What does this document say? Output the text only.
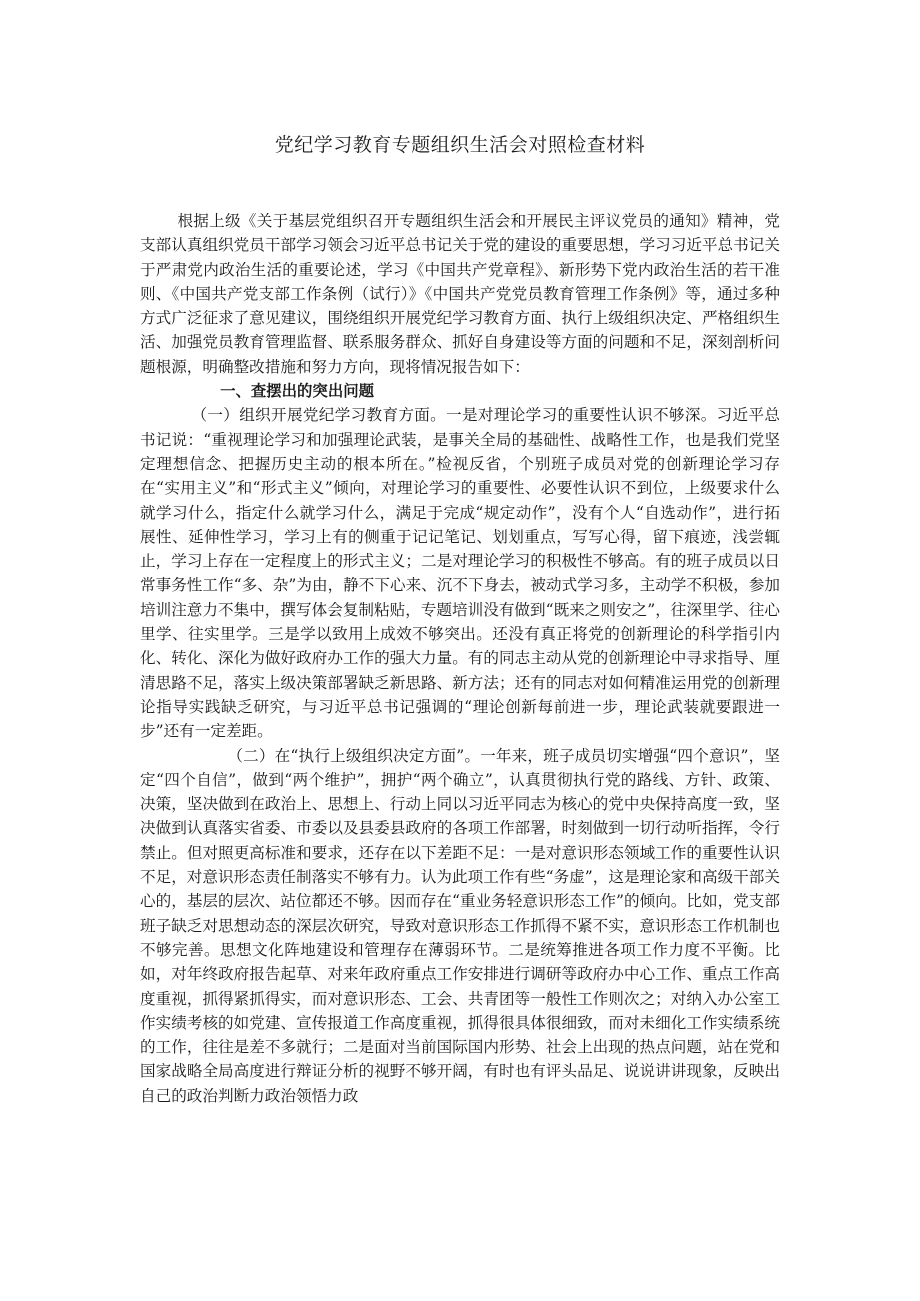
党纪学习教育专题组织生活会对照检查材料

根据上级《关于基层党组织召开专题组织生活会和开展民主评议党员的通知》精神，党支部认真组织党员干部学习领会习近平总书记关于党的建设的重要思想，学习习近平总书记关于严肃党内政治生活的重要论述，学习《中国共产党章程》、新形势下党内政治生活的若干准则、《中国共产党支部工作条例（试行）》《中国共产党党员教育管理工作条例》等，通过多种方式广泛征求了意见建议，围绕组织开展党纪学习教育方面、执行上级组织决定、严格组织生活、加强党员教育管理监督、联系服务群众、抓好自身建设等方面的问题和不足，深刻剖析问题根源，明确整改措施和努力方向，现将情况报告如下：

一、查摆出的突出问题

（一）组织开展党纪学习教育方面。一是对理论学习的重要性认识不够深。习近平总书记说：“重视理论学习和加强理论武装，是事关全局的基础性、战略性工作，也是我们党坚定理想信念、把握历史主动的根本所在。”检视反省，个别班子成员对党的创新理论学习存在“实用主义”和“形式主义”倾向，对理论学习的重要性、必要性认识不到位，上级要求什么就学习什么，指定什么就学习什么，满足于完成“规定动作”，没有个人“自选动作”，进行拓展性、延伸性学习，学习上有的侧重于记记笔记、划划重点，写写心得，留下痕迹，浅尝辄止，学习上存在一定程度上的形式主义；二是对理论学习的积极性不够高。有的班子成员以日常事务性工作“多、杂”为由，静不下心来、沉不下身去，被动式学习多，主动学不积极，参加培训注意力不集中，撰写体会复制粘贴，专题培训没有做到“既来之则安之”，往深里学、往心里学、往实里学。三是学以致用上成效不够突出。还没有真正将党的创新理论的科学指引内化、转化、深化为做好政府办工作的强大力量。有的同志主动从党的创新理论中寻求指导、厘清思路不足，落实上级决策部署缺乏新思路、新方法；还有的同志对如何精准运用党的创新理论指导实践缺乏研究，与习近平总书记强调的“理论创新每前进一步，理论武装就要跟进一步”还有一定差距。

（二）在“执行上级组织决定方面”。一年来，班子成员切实增强“四个意识”，坚定“四个自信”，做到“两个维护”，拥护“两个确立”，认真贯彻执行党的路线、方针、政策、决策，坚决做到在政治上、思想上、行动上同以习近平同志为核心的党中央保持高度一致，坚决做到认真落实省委、市委以及县委县政府的各项工作部署，时刻做到一切行动听指挥，令行禁止。但对照更高标准和要求，还存在以下差距不足：一是对意识形态领域工作的重要性认识不足，对意识形态责任制落实不够有力。认为此项工作有些“务虚”，这是理论家和高级干部关心的，基层的层次、站位都还不够。因而存在“重业务轻意识形态工作”的倾向。比如，党支部班子缺乏对思想动态的深层次研究，导致对意识形态工作抓得不紧不实，意识形态工作机制也不够完善。思想文化阵地建设和管理存在薄弱环节。二是统筹推进各项工作力度不平衡。比如，对年终政府报告起草、对来年政府重点工作安排进行调研等政府办中心工作、重点工作高度重视，抓得紧抓得实，而对意识形态、工会、共青团等一般性工作则次之；对纳入办公室工作实绩考核的如党建、宣传报道工作高度重视，抓得很具体很细致，而对未细化工作实绩系统的工作，往往是差不多就行；二是面对当前国际国内形势、社会上出现的热点问题，站在党和国家战略全局高度进行辩证分析的视野不够开阔，有时也有评头品足、说说讲讲现象，反映出自己的政治判断力政治领悟力政
